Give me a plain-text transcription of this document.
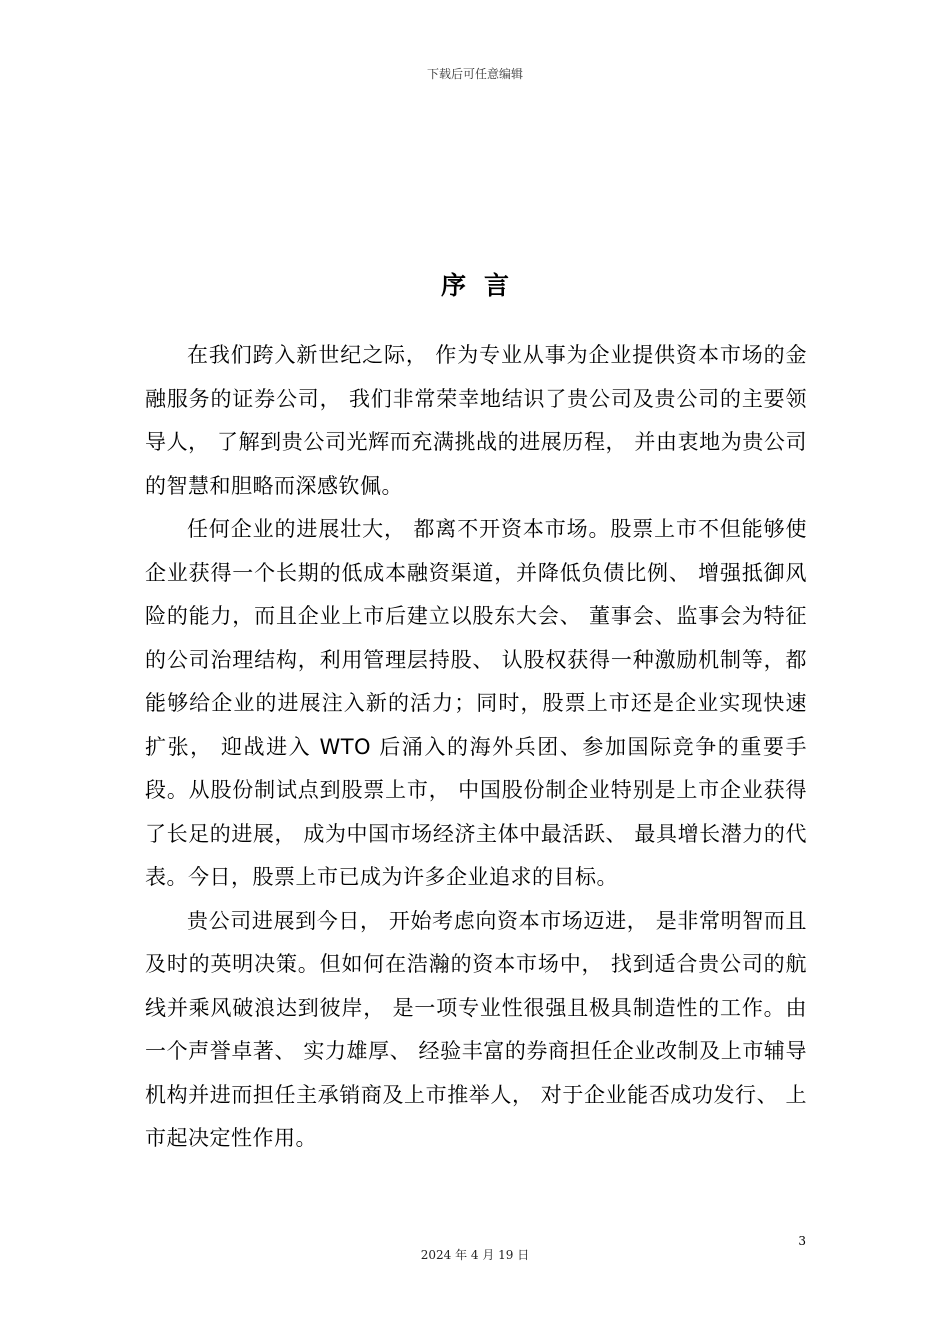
下载后可任意编辑
序言

在我们跨入新世纪之际， 作为专业从事为企业提供资本市场的金融服务的证券公司， 我们非常荣幸地结识了贵公司及贵公司的主要领导人， 了解到贵公司光辉而充满挑战的进展历程， 并由衷地为贵公司的智慧和胆略而深感钦佩。

任何企业的进展壮大， 都离不开资本市场。股票上市不但能够使企业获得一个长期的低成本融资渠道，并降低负债比例、 增强抵御风险的能力，而且企业上市后建立以股东大会、 董事会、监事会为特征的公司治理结构，利用管理层持股、 认股权获得一种激励机制等，都能够给企业的进展注入新的活力；同时，股票上市还是企业实现快速扩张， 迎战进入 WTO 后涌入的海外兵团、参加国际竞争的重要手段。从股份制试点到股票上市， 中国股份制企业特别是上市企业获得了长足的进展， 成为中国市场经济主体中最活跃、 最具增长潜力的代表。今日，股票上市已成为许多企业追求的目标。

贵公司进展到今日， 开始考虑向资本市场迈进， 是非常明智而且及时的英明决策。但如何在浩瀚的资本市场中， 找到适合贵公司的航线并乘风破浪达到彼岸， 是一项专业性很强且极具制造性的工作。由一个声誉卓著、 实力雄厚、 经验丰富的券商担任企业改制及上市辅导机构并进而担任主承销商及上市推举人， 对于企业能否成功发行、 上市起决定性作用。

3
2024 年 4 月 19 日
